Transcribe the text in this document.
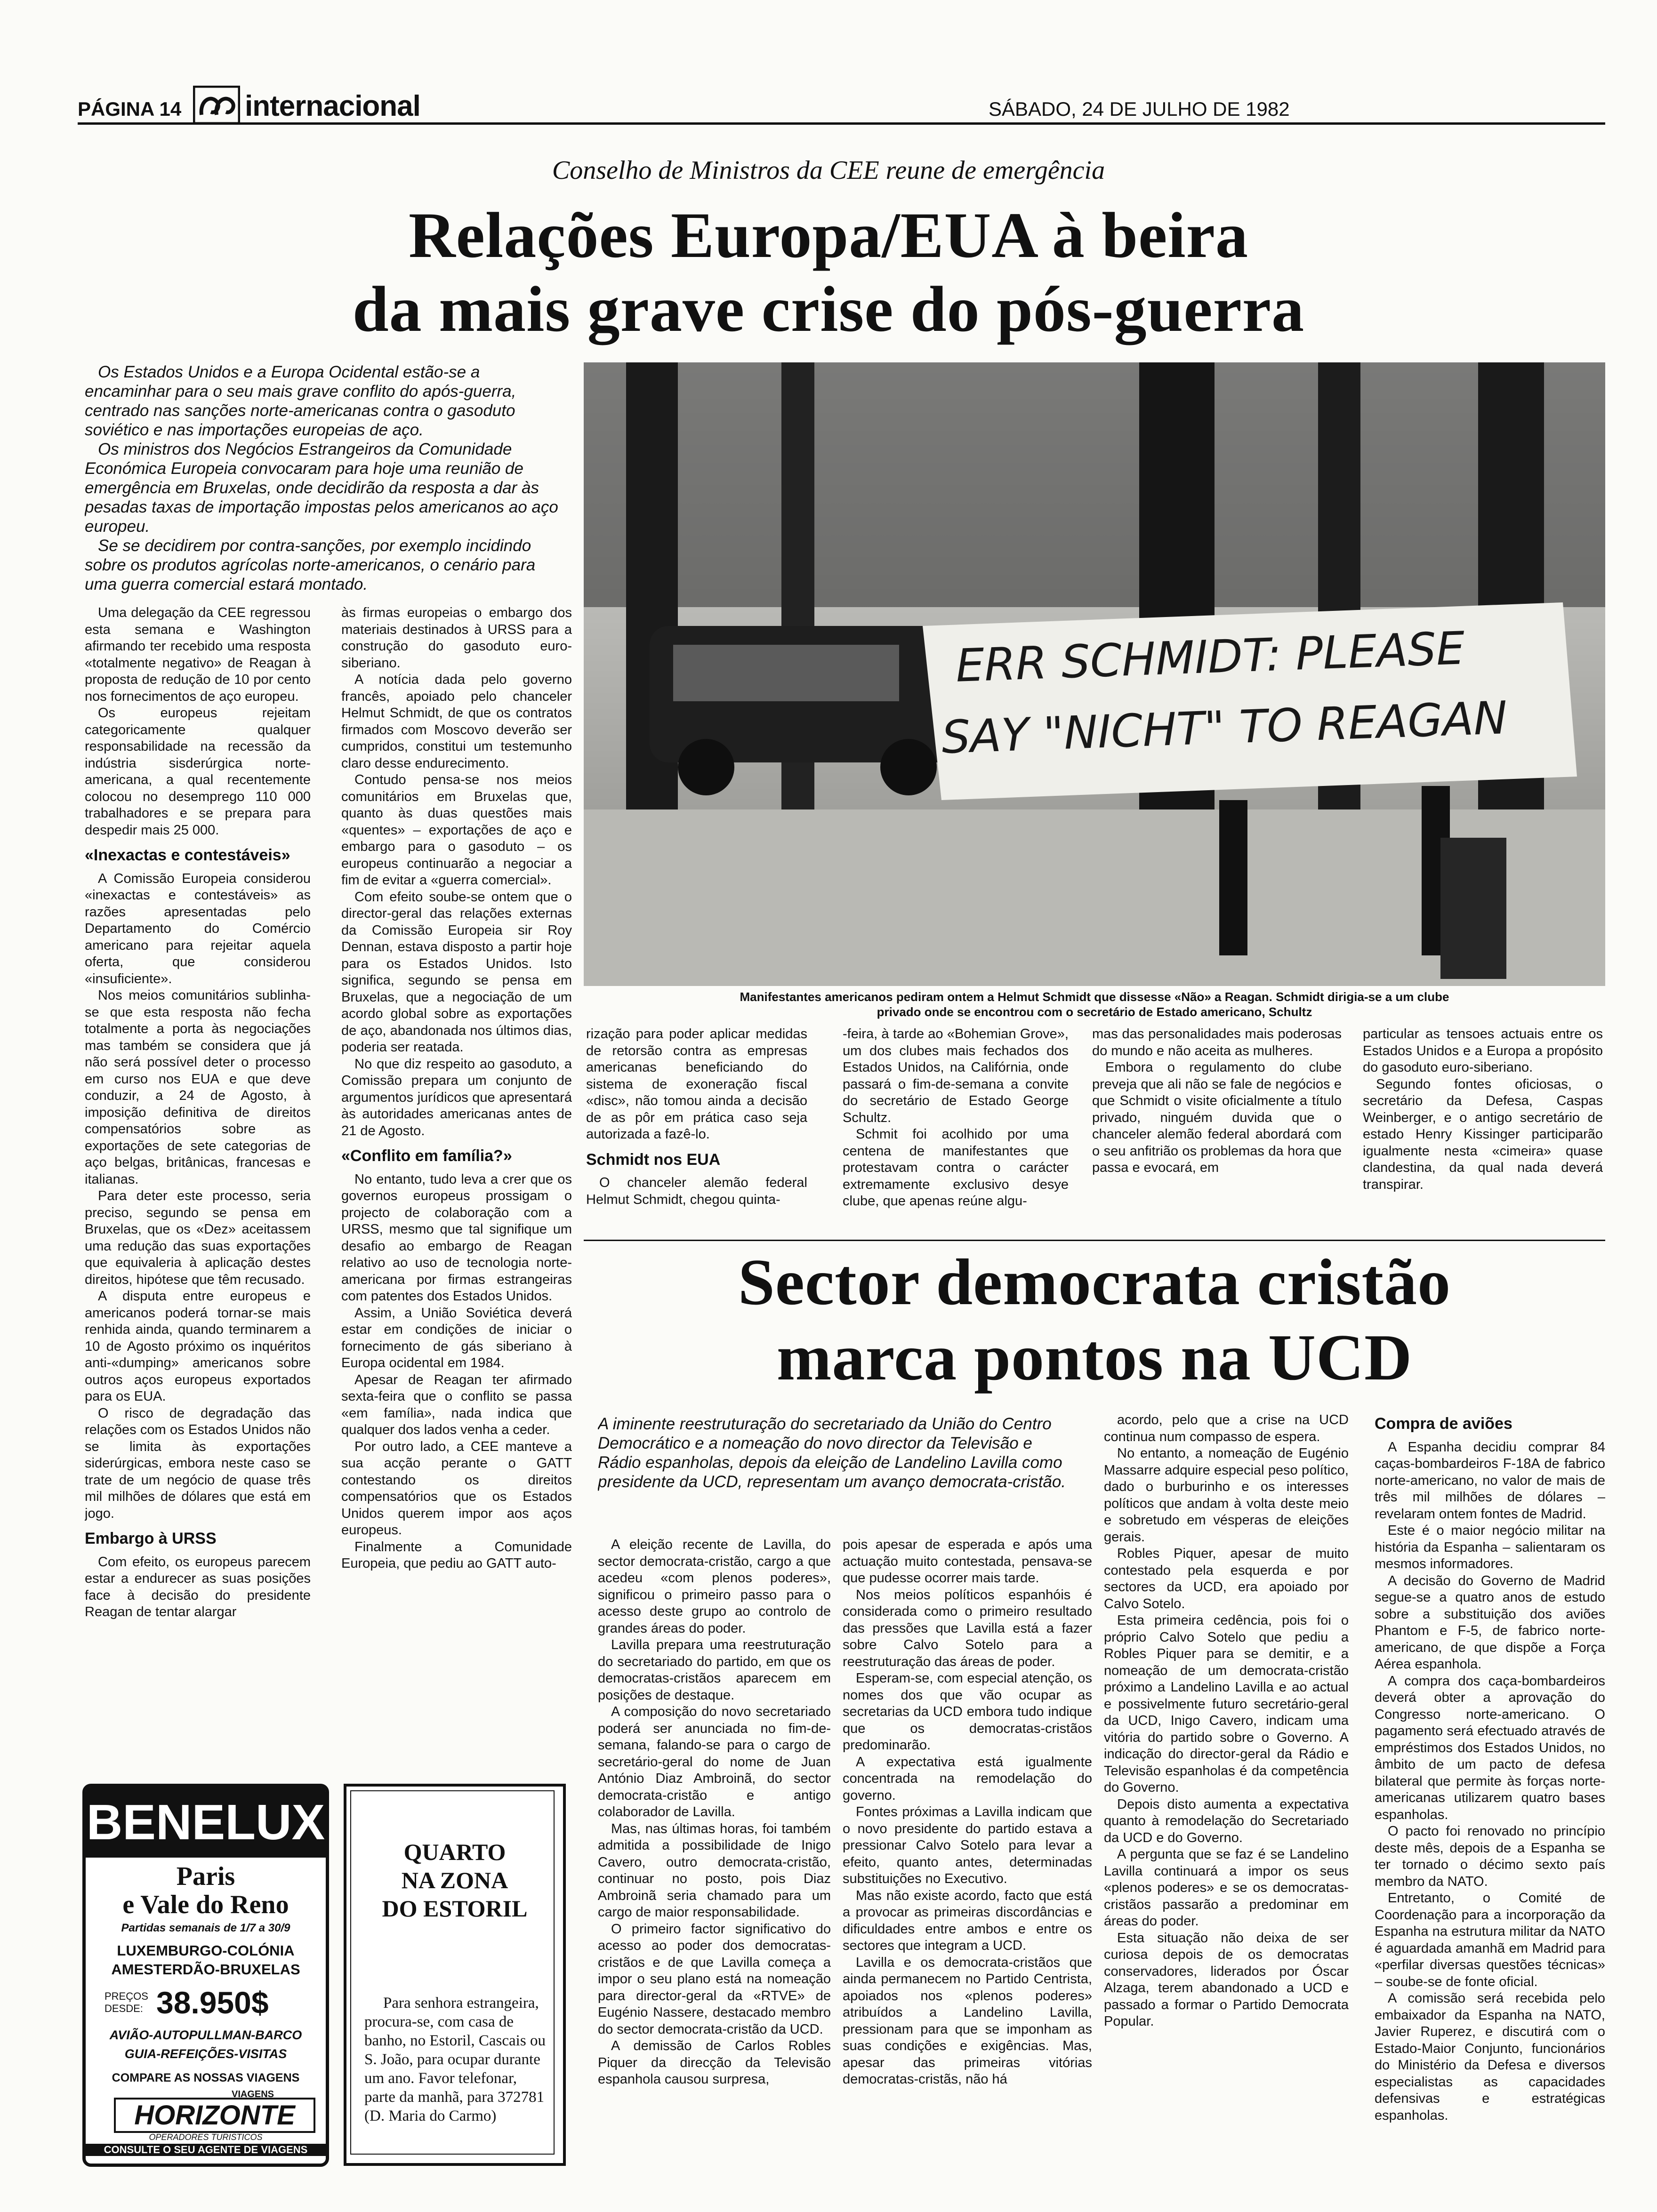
PÁGINA 14 internacional	SÁBADO, 24 DE JULHO DE 1982
Conselho de Ministros da CEE reune de emergência
Relações Europa/EUA à beira
da mais grave crise do pós-guerra

Os Estados Unidos e a Europa Ocidental estão-se a encaminhar para o seu mais grave conflito do após-guerra, centrado nas sanções norte-americanas contra o gasoduto soviético e nas importações europeias de aço.

Os ministros dos Negócios Estrangeiros da Comunidade Económica Europeia convocaram para hoje uma reunião de emergência em Bruxelas, onde decidirão da resposta a dar às pesadas taxas de importação impostas pelos americanos ao aço europeu.

Se se decidirem por contra-sanções, por exemplo incidindo sobre os produtos agrícolas norte-americanos, o cenário para uma guerra comercial estará montado.

Uma delegação da CEE regressou esta semana e Washington afirmando ter recebido uma resposta «totalmente negativo» de Reagan à proposta de redução de 10 por cento nos fornecimentos de aço europeu.

Os europeus rejeitam categoricamente qualquer responsabilidade na recessão da indústria sisderúrgica norte-americana, a qual recentemente colocou no desemprego 110 000 trabalhadores e se prepara para despedir mais 25 000.

«Inexactas e contestáveis»

A Comissão Europeia considerou «inexactas e contestáveis» as razões apresentadas pelo Departamento do Comércio americano para rejeitar aquela oferta, que considerou «insuficiente».

Nos meios comunitários sublinha-se que esta resposta não fecha totalmente a porta às negociações mas também se considera que já não será possível deter o processo em curso nos EUA e que deve conduzir, a 24 de Agosto, à imposição definitiva de direitos compensatórios sobre as exportações de sete categorias de aço belgas, britânicas, francesas e italianas.

Para deter este processo, seria preciso, segundo se pensa em Bruxelas, que os «Dez» aceitassem uma redução das suas exportações que equivaleria à aplicação destes direitos, hipótese que têm recusado.

A disputa entre europeus e americanos poderá tornar-se mais renhida ainda, quando terminarem a 10 de Agosto próximo os inquéritos anti-«dumping» americanos sobre outros aços europeus exportados para os EUA.

O risco de degradação das relações com os Estados Unidos não se limita às exportações siderúrgicas, embora neste caso se trate de um negócio de quase três mil milhões de dólares que está em jogo.

Embargo à URSS

Com efeito, os europeus parecem estar a endurecer as suas posições face à decisão do presidente Reagan de tentar alargar

às firmas europeias o embargo dos materiais destinados à URSS para a construção do gasoduto euro-siberiano.

A notícia dada pelo governo francês, apoiado pelo chanceler Helmut Schmidt, de que os contratos firmados com Moscovo deverão ser cumpridos, constitui um testemunho claro desse endurecimento.

Contudo pensa-se nos meios comunitários em Bruxelas que, quanto às duas questões mais «quentes» – exportações de aço e embargo para o gasoduto – os europeus continuarão a negociar a fim de evitar a «guerra comercial».

Com efeito soube-se ontem que o director-geral das relações externas da Comissão Europeia sir Roy Dennan, estava disposto a partir hoje para os Estados Unidos. Isto significa, segundo se pensa em Bruxelas, que a negociação de um acordo global sobre as exportações de aço, abandonada nos últimos dias, poderia ser reatada.

No que diz respeito ao gasoduto, a Comissão prepara um conjunto de argumentos jurídicos que apresentará às autoridades americanas antes de 21 de Agosto.

«Conflito em família?»

No entanto, tudo leva a crer que os governos europeus prossigam o projecto de colaboração com a URSS, mesmo que tal signifique um desafio ao embargo de Reagan relativo ao uso de tecnologia norte-americana por firmas estrangeiras com patentes dos Estados Unidos.

Assim, a União Soviética deverá estar em condições de iniciar o fornecimento de gás siberiano à Europa ocidental em 1984.

Apesar de Reagan ter afirmado sexta-feira que o conflito se passa «em família», nada indica que qualquer dos lados venha a ceder.

Por outro lado, a CEE manteve a sua acção perante o GATT contestando os direitos compensatórios que os Estados Unidos querem impor aos aços europeus.

Finalmente a Comunidade Europeia, que pediu ao GATT auto-

ERR SCHMIDT: PLEASE
SAY "NICHT" TO REAGAN
Manifestantes americanos pediram ontem a Helmut Schmidt que dissesse «Não» a Reagan. Schmidt dirigia-se a um clube privado onde se encontrou com o secretário de Estado americano, Schultz

rização para poder aplicar medidas de retorsão contra as empresas americanas beneficiando do sistema de exoneração fiscal «disc», não tomou ainda a decisão de as pôr em prática caso seja autorizada a fazê-lo.

Schmidt nos EUA

O chanceler alemão federal Helmut Schmidt, chegou quinta-

-feira, à tarde ao «Bohemian Grove», um dos clubes mais fechados dos Estados Unidos, na Califórnia, onde passará o fim-de-semana a convite do secretário de Estado George Schultz.

Schmit foi acolhido por uma centena de manifestantes que protestavam contra o carácter extremamente exclusivo desye clube, que apenas reúne algu-

mas das personalidades mais poderosas do mundo e não aceita as mulheres.

Embora o regulamento do clube preveja que ali não se fale de negócios e que Schmidt o visite oficialmente a título privado, ninguém duvida que o chanceler alemão federal abordará com o seu anfitrião os problemas da hora que passa e evocará, em

particular as tensoes actuais entre os Estados Unidos e a Europa a propósito do gasoduto euro-siberiano.

Segundo fontes oficiosas, o secretário da Defesa, Caspas Weinberger, e o antigo secretário de estado Henry Kissinger participarão igualmente nesta «cimeira» quase clandestina, da qual nada deverá transpirar.

Sector democrata cristão
marca pontos na UCD

A iminente reestruturação do secretariado da União do Centro Democrático e a nomeação do novo director da Televisão e Rádio espanholas, depois da eleição de Landelino Lavilla como presidente da UCD, representam um avanço democrata-cristão.

A eleição recente de Lavilla, do sector democrata-cristão, cargo a que acedeu «com plenos poderes», significou o primeiro passo para o acesso deste grupo ao controlo de grandes áreas do poder.

Lavilla prepara uma reestruturação do secretariado do partido, em que os democratas-cristãos aparecem em posições de destaque.

A composição do novo secretariado poderá ser anunciada no fim-de-semana, falando-se para o cargo de secretário-geral do nome de Juan António Diaz Ambroinã, do sector democrata-cristão e antigo colaborador de Lavilla.

Mas, nas últimas horas, foi também admitida a possibilidade de Inigo Cavero, outro democrata-cristão, continuar no posto, pois Diaz Ambroinã seria chamado para um cargo de maior responsabilidade.

O primeiro factor significativo do acesso ao poder dos democratas-cristãos e de que Lavilla começa a impor o seu plano está na nomeação para director-geral da «RTVE» de Eugénio Nassere, destacado membro do sector democrata-cristão da UCD.

A demissão de Carlos Robles Piquer da direcção da Televisão espanhola causou surpresa,

pois apesar de esperada e após uma actuação muito contestada, pensava-se que pudesse ocorrer mais tarde.

Nos meios políticos espanhóis é considerada como o primeiro resultado das pressões que Lavilla está a fazer sobre Calvo Sotelo para a reestruturação das áreas de poder.

Esperam-se, com especial atenção, os nomes dos que vão ocupar as secretarias da UCD embora tudo indique que os democratas-cristãos predominarão.

A expectativa está igualmente concentrada na remodelação do governo.

Fontes próximas a Lavilla indicam que o novo presidente do partido estava a pressionar Calvo Sotelo para levar a efeito, quanto antes, determinadas substituições no Executivo.

Mas não existe acordo, facto que está a provocar as primeiras discordâncias e dificuldades entre ambos e entre os sectores que integram a UCD.

Lavilla e os democrata-cristãos que ainda permanecem no Partido Centrista, apoiados nos «plenos poderes» atribuídos a Landelino Lavilla, pressionam para que se imponham as suas condições e exigências. Mas, apesar das primeiras vitórias democratas-cristãs, não há

acordo, pelo que a crise na UCD continua num compasso de espera.

No entanto, a nomeação de Eugénio Massarre adquire especial peso político, dado o burburinho e os interesses políticos que andam à volta deste meio e sobretudo em vésperas de eleições gerais.

Robles Piquer, apesar de muito contestado pela esquerda e por sectores da UCD, era apoiado por Calvo Sotelo.

Esta primeira cedência, pois foi o próprio Calvo Sotelo que pediu a Robles Piquer para se demitir, e a nomeação de um democrata-cristão próximo a Landelino Lavilla e ao actual e possivelmente futuro secretário-geral da UCD, Inigo Cavero, indicam uma vitória do partido sobre o Governo. A indicação do director-geral da Rádio e Televisão espanholas é da competência do Governo.

Depois disto aumenta a expectativa quanto à remodelação do Secretariado da UCD e do Governo.

A pergunta que se faz é se Landelino Lavilla continuará a impor os seus «plenos poderes» e se os democratas-cristãos passarão a predominar em áreas do poder.

Esta situação não deixa de ser curiosa depois de os democratas conservadores, liderados por Óscar Alzaga, terem abandonado a UCD e passado a formar o Partido Democrata Popular.

Compra de aviões

A Espanha decidiu comprar 84 caças-bombardeiros F-18A de fabrico norte-americano, no valor de mais de três mil milhões de dólares – revelaram ontem fontes de Madrid.

Este é o maior negócio militar na história da Espanha – salientaram os mesmos informadores.

A decisão do Governo de Madrid segue-se a quatro anos de estudo sobre a substituição dos aviões Phantom e F-5, de fabrico norte-americano, de que dispõe a Força Aérea espanhola.

A compra dos caça-bombardeiros deverá obter a aprovação do Congresso norte-americano. O pagamento será efectuado através de empréstimos dos Estados Unidos, no âmbito de um pacto de defesa bilateral que permite às forças norte-americanas utilizarem quatro bases espanholas.

O pacto foi renovado no princípio deste mês, depois de a Espanha se ter tornado o décimo sexto país membro da NATO.

Entretanto, o Comité de Coordenação para a incorporação da Espanha na estrutura militar da NATO é aguardada amanhã em Madrid para «perfilar diversas questões técnicas» – soube-se de fonte oficial.

A comissão será recebida pelo embaixador da Espanha na NATO, Javier Ruperez, e discutirá com o Estado-Maior Conjunto, funcionários do Ministério da Defesa e diversos especialistas as capacidades defensivas e estratégicas espanholas.

BENELUX
Paris
e Vale do Reno
Partidas semanais de 1/7 a 30/9
LUXEMBURGO-COLÓNIA
AMESTERDÃO-BRUXELAS
PREÇOS
DESDE: 38.950$
AVIÃO-AUTOPULLMAN-BARCO
GUIA-REFEIÇÕES-VISITAS
COMPARE AS NOSSAS VIAGENS
VIAGENS
HORIZONTE
OPERADORES TURISTICOS
CONSULTE O SEU AGENTE DE VIAGENS
QUARTO
NA ZONA
DO ESTORIL
Para senhora estrangeira, procura-se, com casa de banho, no Estoril, Cascais ou S. João, para ocupar durante um ano. Favor telefonar, parte da manhã, para 372781 (D. Maria do Carmo)
